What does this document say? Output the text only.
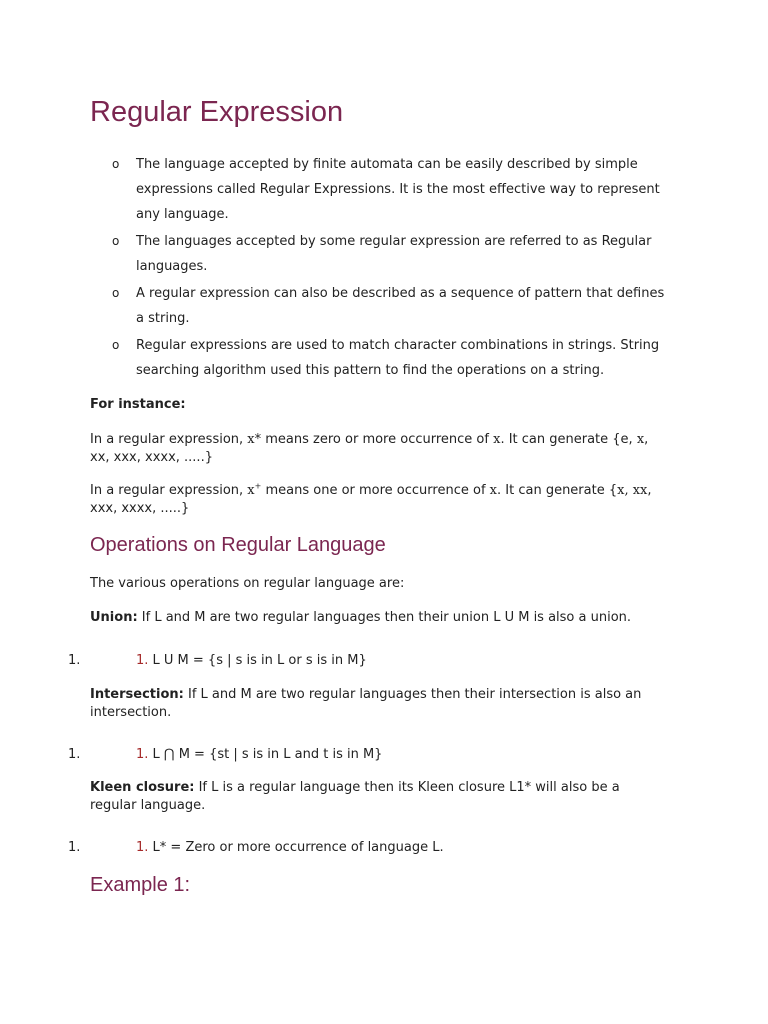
Regular Expression
o The language accepted by finite automata can be easily described by simple
expressions called Regular Expressions. It is the most effective way to represent
any language.
o The languages accepted by some regular expression are referred to as Regular
languages.
o A regular expression can also be described as a sequence of pattern that defines
a string.
o Regular expressions are used to match character combinations in strings. String
searching algorithm used this pattern to find the operations on a string.

For instance:

In a regular expression, x* means zero or more occurrence of x. It can generate {e, x,
xx, xxx, xxxx, .....}

In a regular expression, x+ means one or more occurrence of x. It can generate {x, xx,
xxx, xxxx, .....}

Operations on Regular Language

The various operations on regular language are:

Union: If L and M are two regular languages then their union L U M is also a union.

1.	1. L U M = {s | s is in L or s is in M}

Intersection: If L and M are two regular languages then their intersection is also an
intersection.

1.	1. L ⋂ M = {st | s is in L and t is in M}

Kleen closure: If L is a regular language then its Kleen closure L1* will also be a
regular language.

1.	1. L* = Zero or more occurrence of language L.
Example 1:
